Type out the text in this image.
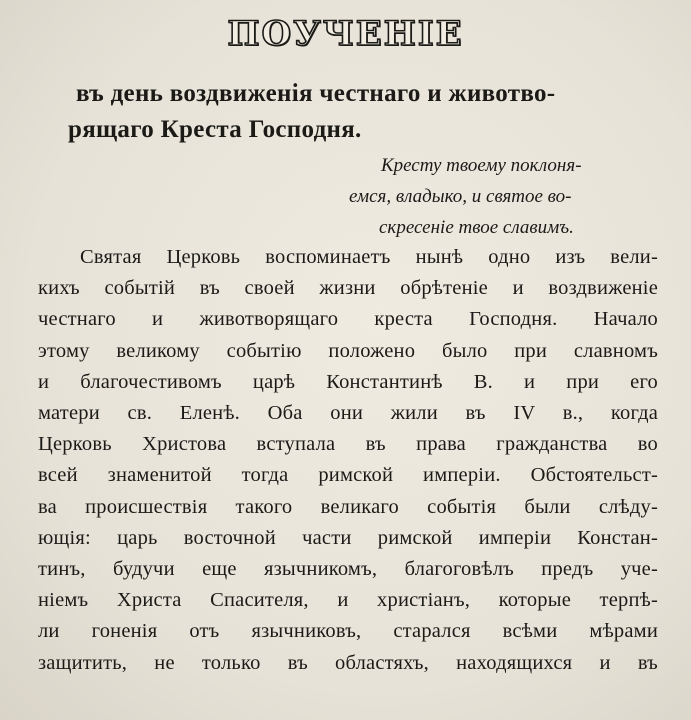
ПОУЧЕНІЕ
въ день воздвиженія честнаго и животво-
рящаго Креста Господня.
Кресту твоему поклоня-
емся, владыко, и святое во-
скресеніе твое славимъ.
Святая Церковь воспоминаетъ нынѣ одно изъ вели-
кихъ событій въ своей жизни обрѣтеніе и воздвиженіе
честнаго и животворящаго креста Господня. Начало
этому великому событію положено было при славномъ
и благочестивомъ царѣ Константинѣ В. и при его
матери св. Еленѣ. Оба они жили въ IV в., когда
Церковь Христова вступала въ права гражданства во
всей знаменитой тогда римской имперіи. Обстоятельст-
ва происшествія такого великаго событія были слѣду-
ющія: царь восточной части римской имперіи Констан-
тинъ, будучи еще язычникомъ, благоговѣлъ предъ уче-
ніемъ Христа Спасителя, и христіанъ, которые терпѣ-
ли гоненія отъ язычниковъ, старался всѣми мѣрами
защитить, не только въ областяхъ, находящихся и въ
